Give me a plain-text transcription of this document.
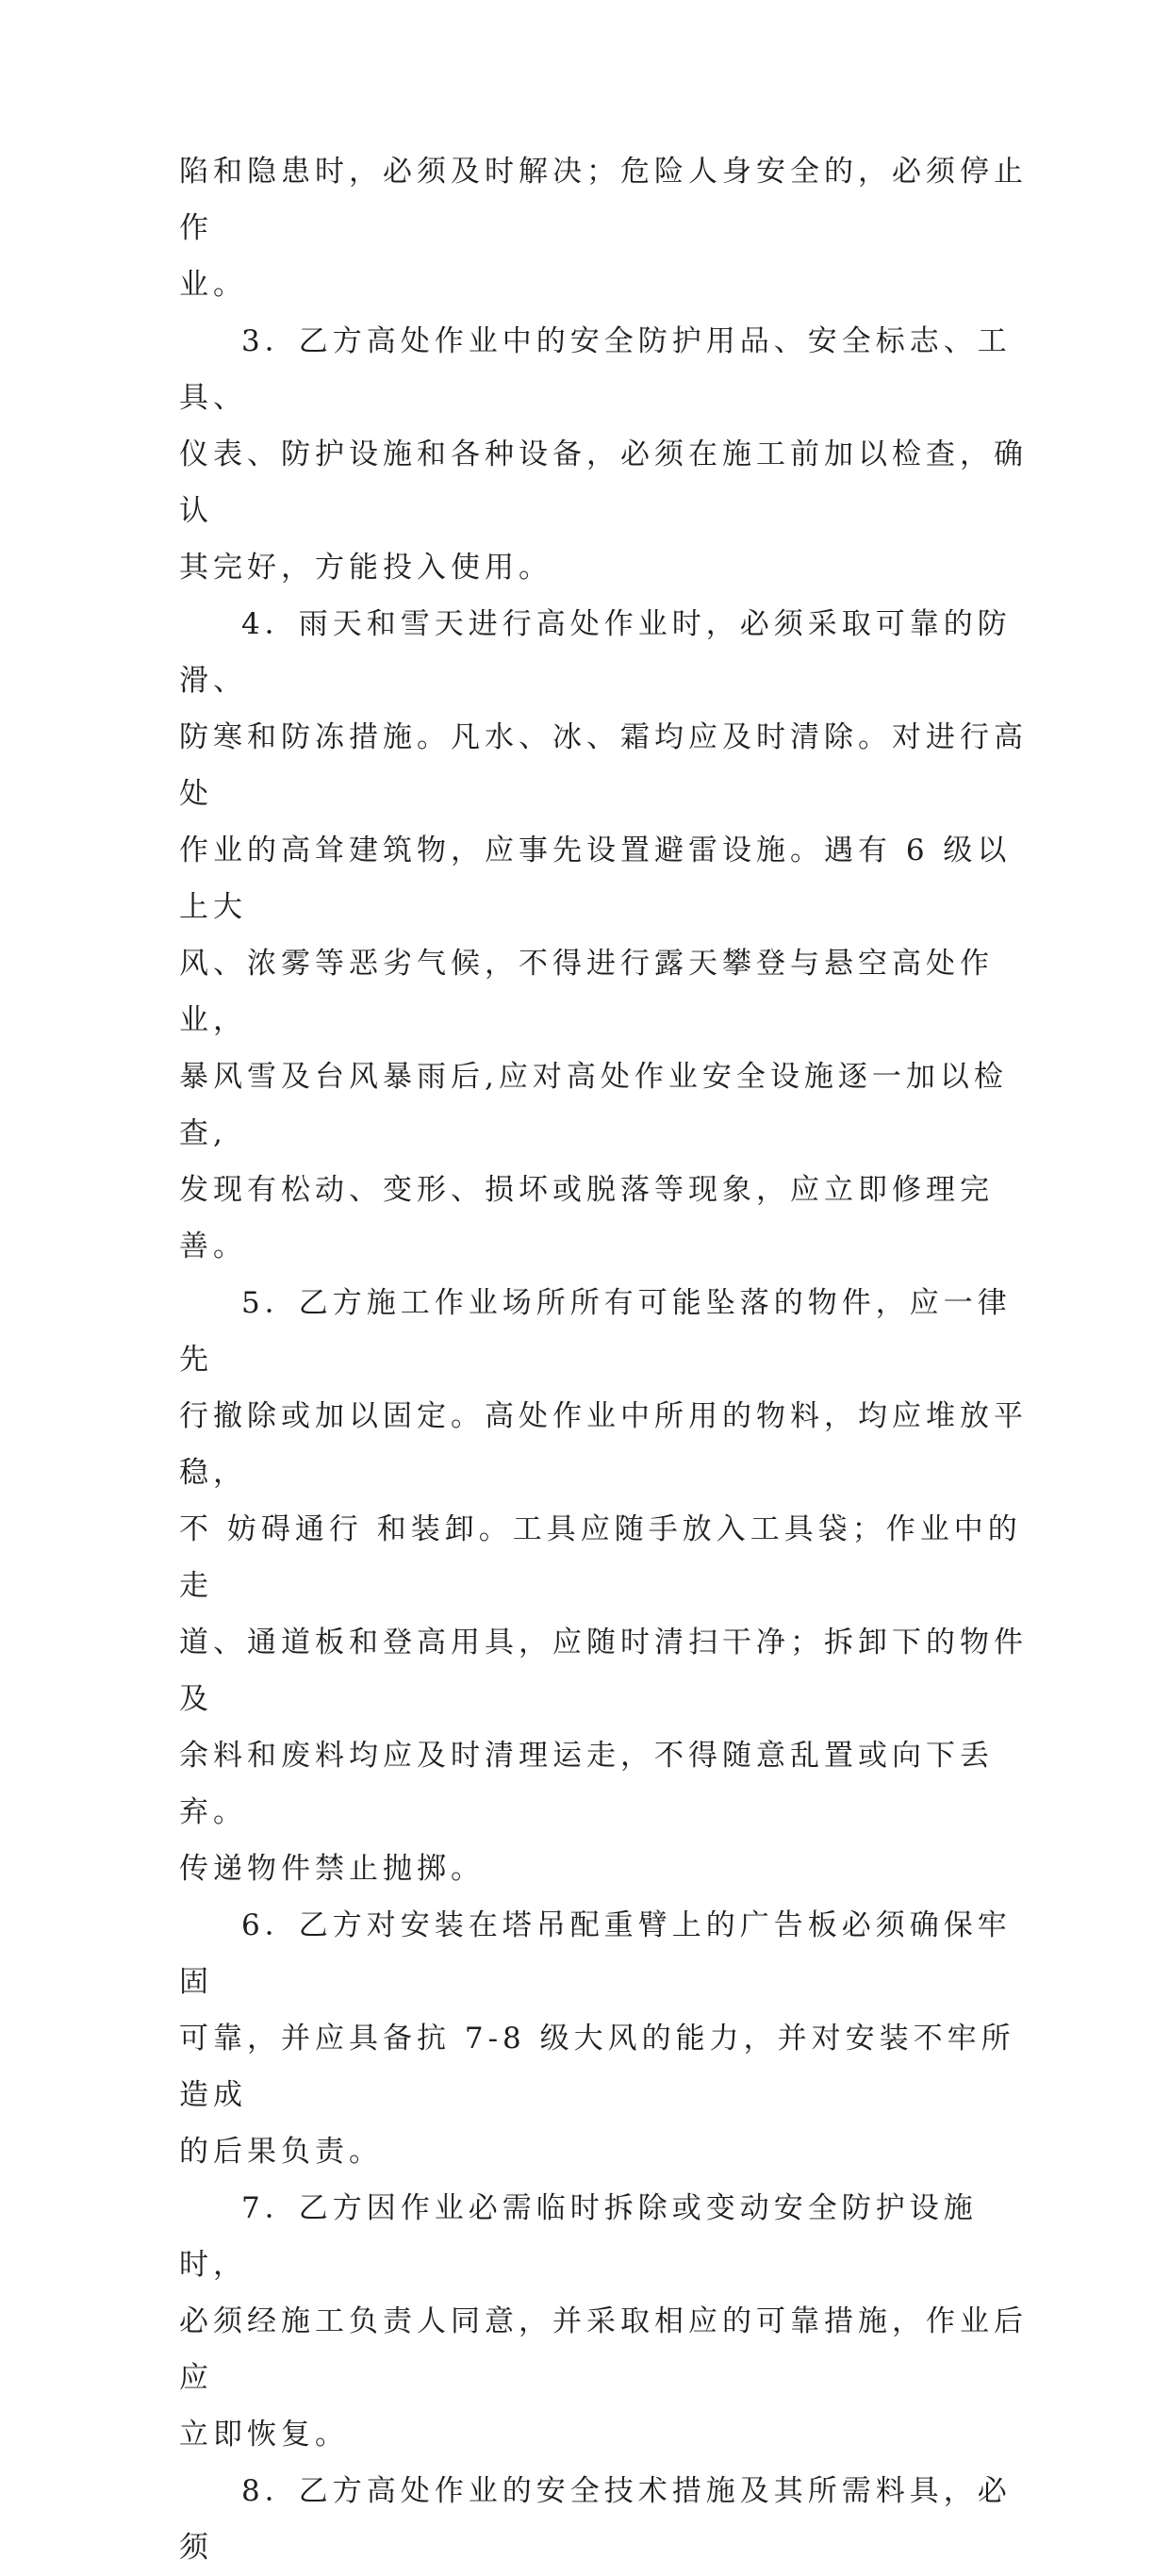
陷和隐患时，必须及时解决；危险人身安全的，必须停止作
业。

3．乙方高处作业中的安全防护用品、安全标志、工具、
仪表、防护设施和各种设备，必须在施工前加以检查，确认
其完好，方能投入使用。

4．雨天和雪天进行高处作业时，必须采取可靠的防滑、
防寒和防冻措施。凡水、冰、霜均应及时清除。对进行高处
作业的高耸建筑物，应事先设置避雷设施。遇有 6 级以上大
风、浓雾等恶劣气候，不得进行露天攀登与悬空高处作业，
暴风雪及台风暴雨后,应对高处作业安全设施逐一加以检查,
发现有松动、变形、损坏或脱落等现象，应立即修理完善。

5．乙方施工作业场所所有可能坠落的物件，应一律先
行撤除或加以固定。高处作业中所用的物料，均应堆放平稳，
不 妨碍通行 和装卸。工具应随手放入工具袋；作业中的走
道、通道板和登高用具，应随时清扫干净；拆卸下的物件及
余料和废料均应及时清理运走，不得随意乱置或向下丢弃。
传递物件禁止抛掷。

6．乙方对安装在塔吊配重臂上的广告板必须确保牢固
可靠，并应具备抗 7-8 级大风的能力，并对安装不牢所造成
的后果负责。

7．乙方因作业必需临时拆除或变动安全防护设施时，
必须经施工负责人同意，并采取相应的可靠措施，作业后应
立即恢复。

8．乙方高处作业的安全技术措施及其所需料具，必须
